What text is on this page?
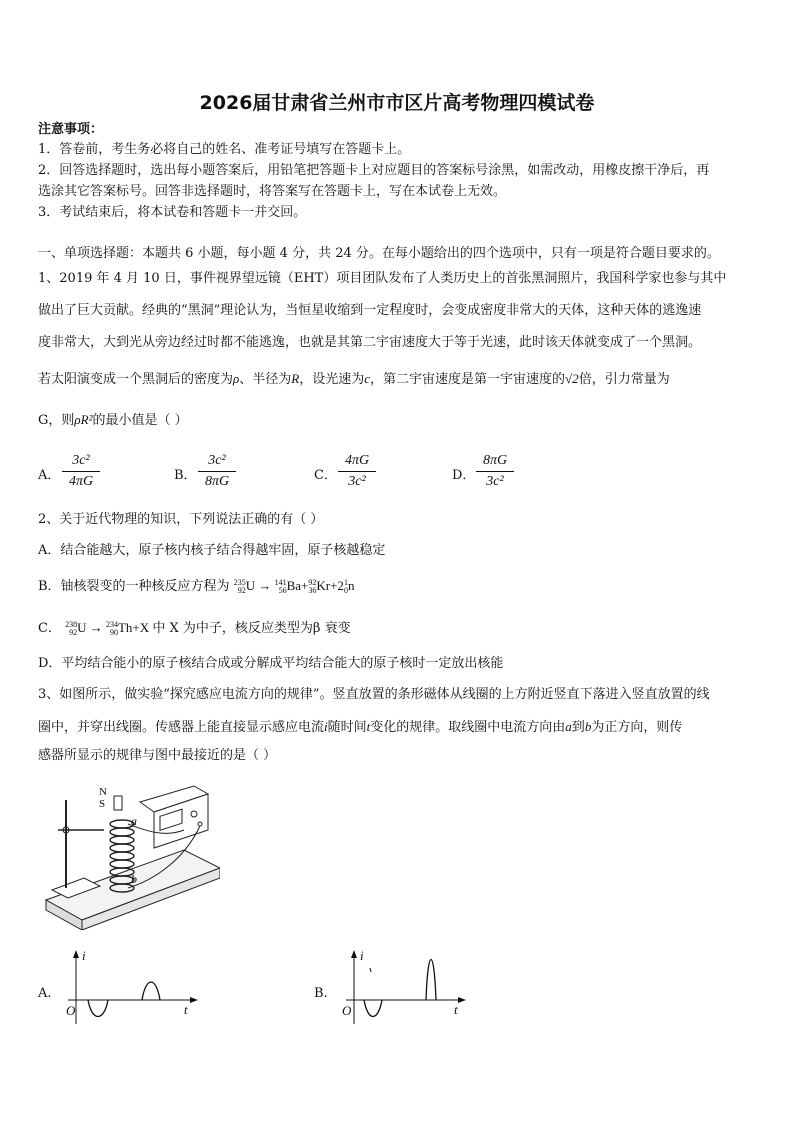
2026届甘肃省兰州市市区片高考物理四模试卷
注意事项：
1．答卷前，考生务必将自己的姓名、准考证号填写在答题卡上。
2．回答选择题时，选出每小题答案后，用铅笔把答题卡上对应题目的答案标号涂黑，如需改动，用橡皮擦干净后，再
选涂其它答案标号。回答非选择题时，将答案写在答题卡上，写在本试卷上无效。
3．考试结束后，将本试卷和答题卡一并交回。
一、单项选择题：本题共 6 小题，每小题 4 分，共 24 分。在每小题给出的四个选项中，只有一项是符合题目要求的。
1、2019 年 4 月 10 日，事件视界望远镜（EHT）项目团队发布了人类历史上的首张黑洞照片，我国科学家也参与其中
做出了巨大贡献。经典的“黑洞”理论认为，当恒星收缩到一定程度时，会变成密度非常大的天体，这种天体的逃逸速
度非常大，大到光从旁边经过时都不能逃逸，也就是其第二宇宙速度大于等于光速，此时该天体就变成了一个黑洞。
若太阳演变成一个黑洞后的密度为ρ、半径为R，设光速为c，第二宇宙速度是第一宇宙速度的√2倍，引力常量为
G，则ρR²的最小值是（ ）
A．
3c²
4πG	B．
3c²
8πG	C．
4πG
3c²	D．
8πG
3c²
2、关于近代物理的知识，下列说法正确的有（ ）
A．结合能越大，原子核内核子结合得越牢固，原子核越稳定
B．铀核裂变的一种核反应方程为 235
92U → 141
56Ba+92
36Kr+21
0n
C． 238
92U → 234
90Th+X 中 X 为中子，核反应类型为β 衰变
D．平均结合能小的原子核结合成或分解成平均结合能大的原子核时一定放出核能
3、如图所示，做实验“探究感应电流方向的规律”。竖直放置的条形磁体从线圈的上方附近竖直下落进入竖直放置的线
圈中，并穿出线圈。传感器上能直接显示感应电流i随时间t变化的规律。取线圈中电流方向由a到b为正方向，则传
感器所显示的规律与图中最接近的是（ ）
N
S
a
b
A.
i
O	t
B.
i
O	t
